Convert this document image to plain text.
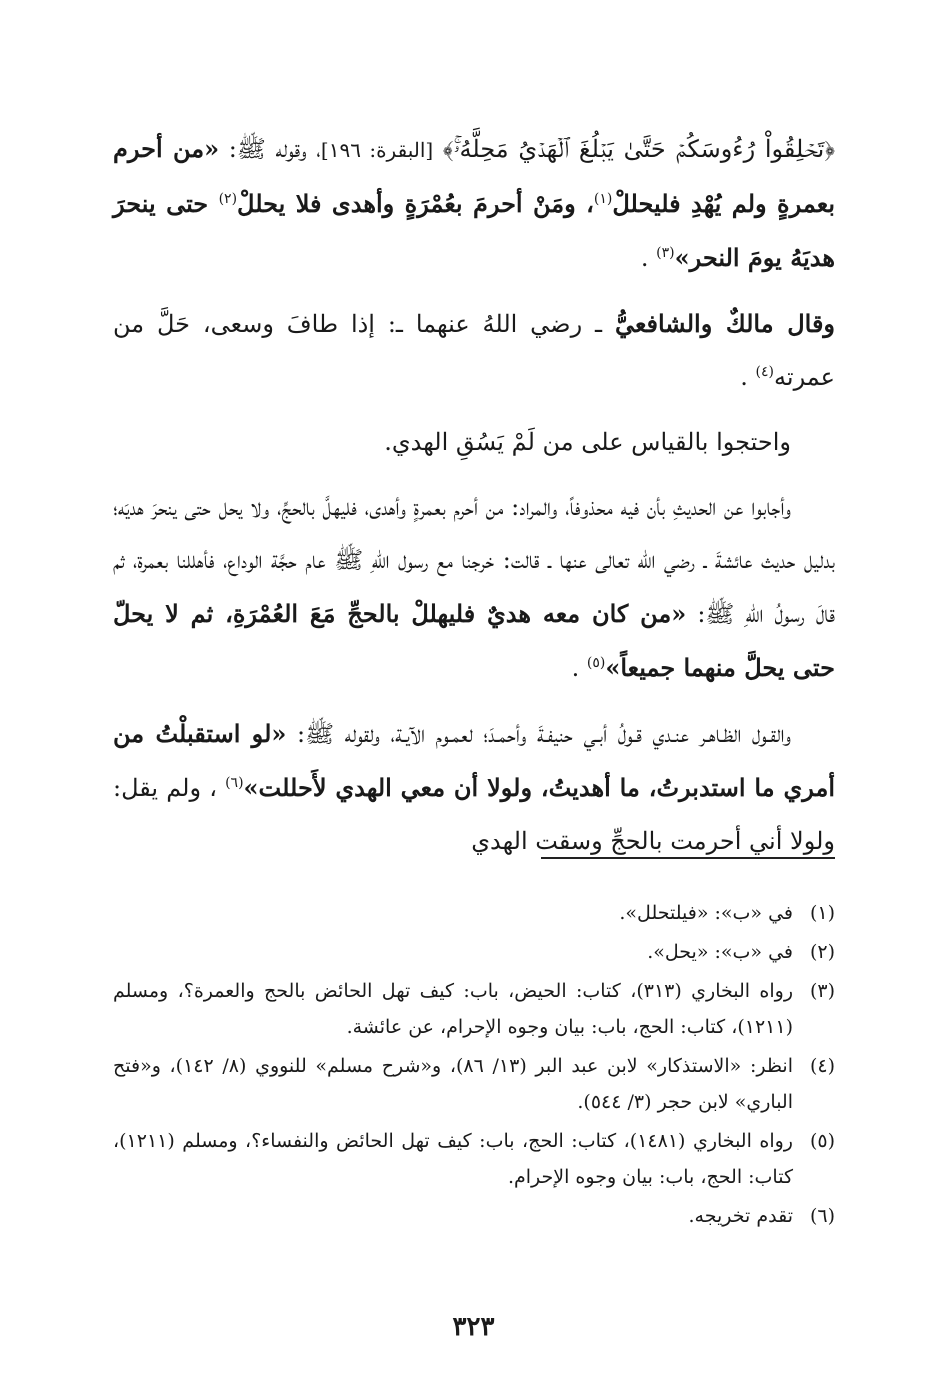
﴿تَحۡلِقُواْ رُءُوسَكُمۡ حَتَّىٰ يَبۡلُغَ ٱلۡهَدۡيُ مَحِلَّهُۥۚ﴾ [البقرة: ١٩٦]، وقوله ﷺ: «من أحرم بعمرةٍ ولم يُهْدِ فليحللْ$^{(١)}$، ومَنْ أحرمَ بعُمْرَةٍ وأهدى فلا يحللْ$^{(٢)}$ حتى ينحرَ هديَهُ يومَ النحر»$^{(٣)}$ .

وقال مالكٌ والشافعيُّ ـ رضي اللهُ عنهما ـ: إذا طافَ وسعى، حَلَّ من عمرته$^{(٤)}$ .

واحتجوا بالقياس على من لَمْ يَسُقِ الهدي.

وأجابوا عن الحديثِ بأن فيه محذوفاً، والمراد: من أحرم بعمرةٍ وأهدى، فليهلَّ بالحجِّ، ولا يحل حتى ينحرَ هديَه؛ بدليل حديث عائشةَ ـ رضي الله تعالى عنها ـ قالت: خرجنا مع رسول اللهِ ﷺ عام حجَّة الوداع، فأهللنا بعمرة، ثم قالَ رسولُ اللهِ ﷺ: «من كان معه هديٌ فليهللْ بالحجِّ مَعَ العُمْرَةِ، ثم لا يحلّ حتى يحلَّ منهما جميعاً»$^{(٥)}$ .

والقـول الظـاهـر عنـدي قـولُ أبـي حنيفـةَ وأحمـدَ؛ لعمـوم الآيـة، ولقوله ﷺ: «لو استقبلْتُ من أمري ما استدبرتُ، ما أهديتُ، ولولا أن معي الهدي لأَحللت»$^{(٦)}$ ، ولم يقل: ولولا أني أحرمت بالحجِّ وسقت الهدي

(١)
في «ب»: «فيلتحلل».
(٢)
في «ب»: «يحل».
(٣)
رواه البخاري (٣١٣)، كتاب: الحيض، باب: كيف تهل الحائض بالحج والعمرة؟، ومسلم (١٢١١)، كتاب: الحج، باب: بيان وجوه الإحرام، عن عائشة.
(٤)
انظر: «الاستذكار» لابن عبد البر (١٣/ ٨٦)، و«شرح مسلم» للنووي (٨/ ١٤٢)، و«فتح الباري» لابن حجر (٣/ ٥٤٤).
(٥)
رواه البخاري (١٤٨١)، كتاب: الحج، باب: كيف تهل الحائض والنفساء؟، ومسلم (١٢١١)، كتاب: الحج، باب: بيان وجوه الإحرام.
(٦)
تقدم تخريجه.
٣٢٣
